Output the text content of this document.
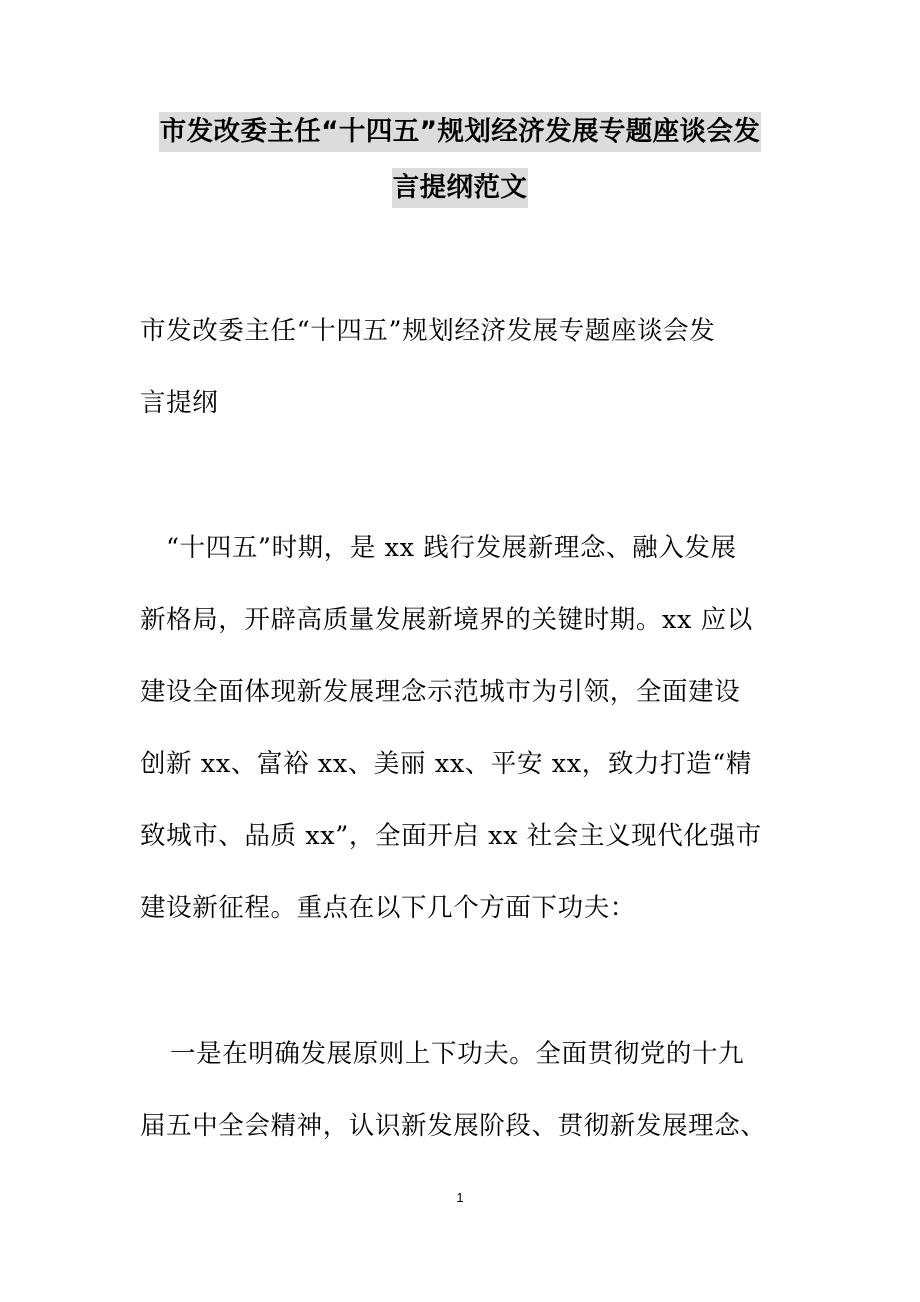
市发改委主任“十四五”规划经济发展专题座谈会发
言提纲范文
市发改委主任“十四五”规划经济发展专题座谈会发
言提纲
“十四五”时期，是 xx 践行发展新理念、融入发展
新格局，开辟高质量发展新境界的关键时期。xx 应以
建设全面体现新发展理念示范城市为引领，全面建设
创新 xx、富裕 xx、美丽 xx、平安 xx，致力打造“精
致城市、品质 xx”，全面开启 xx 社会主义现代化强市
建设新征程。重点在以下几个方面下功夫：
一是在明确发展原则上下功夫。全面贯彻党的十九
届五中全会精神，认识新发展阶段、贯彻新发展理念、
1
